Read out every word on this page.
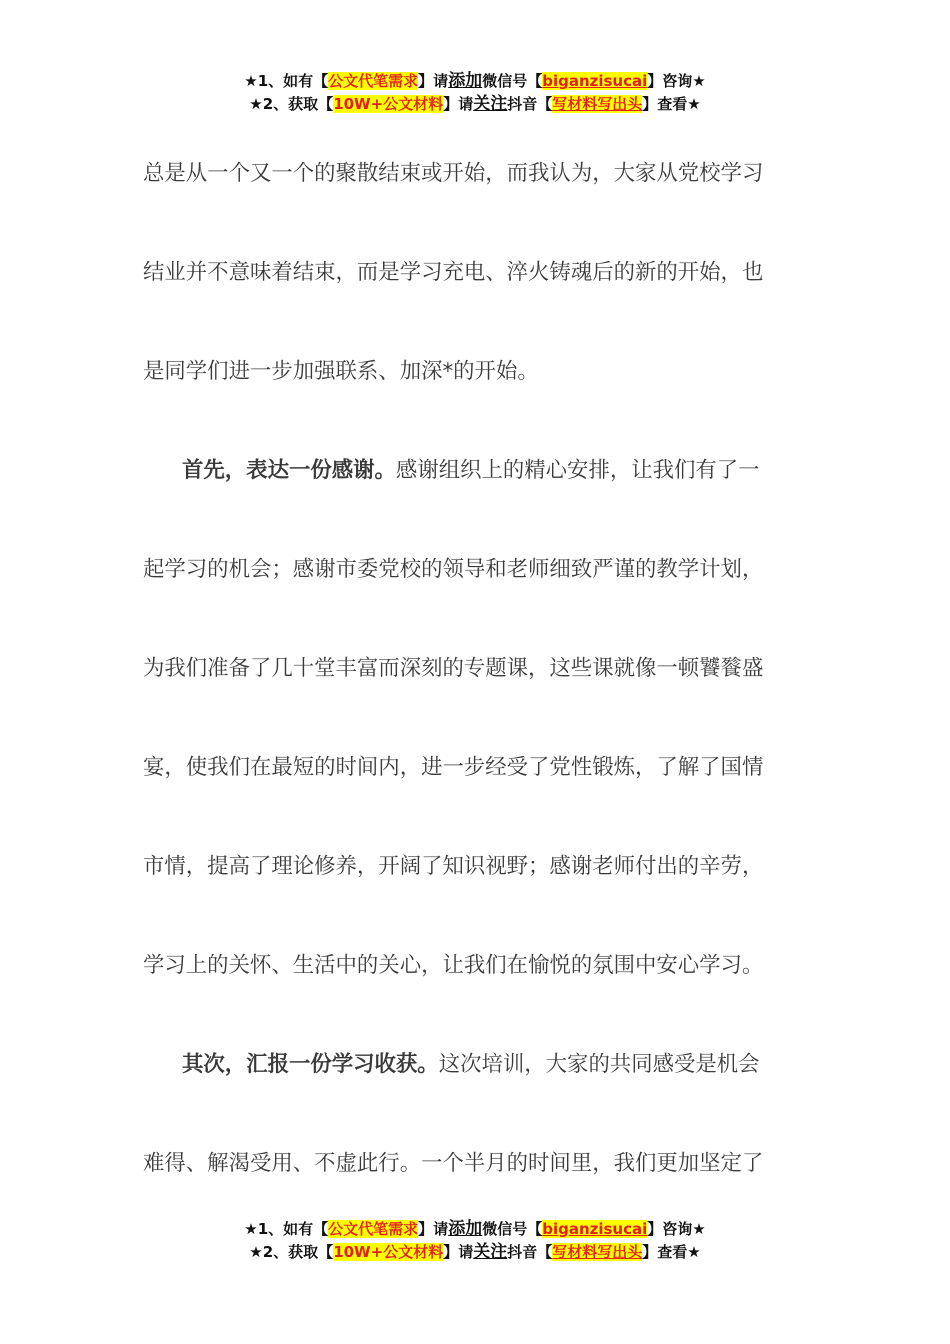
★1、如有【公文代笔需求】请添加微信号【biganzisucai】咨询★
★2、获取【10W+公文材料】请关注抖音【写材料写出头】查看★

总是从一个又一个的聚散结束或开始，而我认为，大家从党校学习
结业并不意味着结束，而是学习充电、淬火铸魂后的新的开始，也
是同学们进一步加强联系、加深*的开始。

首先，表达一份感谢。感谢组织上的精心安排，让我们有了一
起学习的机会；感谢市委党校的领导和老师细致严谨的教学计划，
为我们准备了几十堂丰富而深刻的专题课，这些课就像一顿饕餮盛
宴，使我们在最短的时间内，进一步经受了党性锻炼，了解了国情
市情，提高了理论修养，开阔了知识视野；感谢老师付出的辛劳，
学习上的关怀、生活中的关心，让我们在愉悦的氛围中安心学习。

其次，汇报一份学习收获。这次培训，大家的共同感受是机会
难得、解渴受用、不虚此行。一个半月的时间里，我们更加坚定了

★1、如有【公文代笔需求】请添加微信号【biganzisucai】咨询★
★2、获取【10W+公文材料】请关注抖音【写材料写出头】查看★
